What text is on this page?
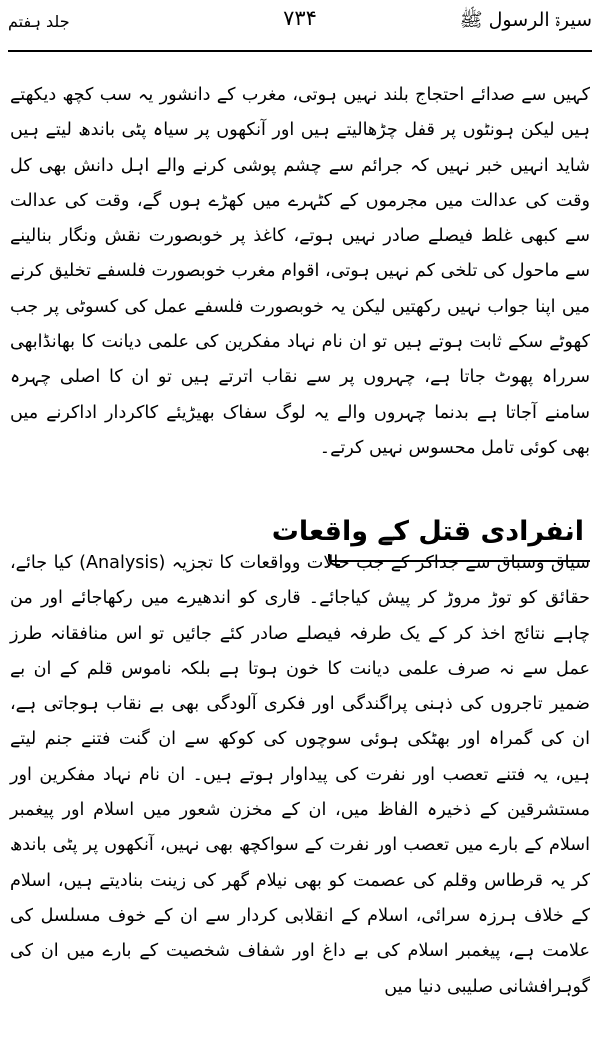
سیرۃ الرسول ﷺ
۷۳۴
جلد ہفتم

کہیں سے صدائے احتجاج بلند نہیں ہوتی، مغرب کے دانشور یہ سب کچھ دیکھتے ہیں لیکن ہونٹوں پر قفل چڑھالیتے ہیں اور آنکھوں پر سیاہ پٹی باندھ لیتے ہیں شاید انہیں خبر نہیں کہ جرائم سے چشم پوشی کرنے والے اہل دانش بھی کل وقت کی عدالت میں مجرموں کے کٹہرے میں کھڑے ہوں گے، وقت کی عدالت سے کبھی غلط فیصلے صادر نہیں ہوتے، کاغذ پر خوبصورت نقش ونگار بنالینے سے ماحول کی تلخی کم نہیں ہوتی، اقوام مغرب خوبصورت فلسفے تخلیق کرنے میں اپنا جواب نہیں رکھتیں لیکن یہ خوبصورت فلسفے عمل کی کسوٹی پر جب کھوٹے سکے ثابت ہوتے ہیں تو ان نام نہاد مفکرین کی علمی دیانت کا بھانڈابھی سرراہ پھوٹ جاتا ہے، چہروں پر سے نقاب اترتے ہیں تو ان کا اصلی چہرہ سامنے آجاتا ہے بدنما چہروں والے یہ لوگ سفاک بھیڑیئے کاکردار اداکرنے میں بھی کوئی تامل محسوس نہیں کرتے۔

انفرادی قتل کے واقعات

سیاق وسباق سے جداکر کے جب حالات وواقعات کا تجزیہ (Analysis) کیا جائے، حقائق کو توڑ مروڑ کر پیش کیاجائے۔ قاری کو اندھیرے میں رکھاجائے اور من چاہے نتائج اخذ کر کے یک طرفہ فیصلے صادر کئے جائیں تو اس منافقانہ طرز عمل سے نہ صرف علمی دیانت کا خون ہوتا ہے بلکہ ناموس قلم کے ان بے ضمیر تاجروں کی ذہنی پراگندگی اور فکری آلودگی بھی بے نقاب ہوجاتی ہے، ان کی گمراہ اور بھٹکی ہوئی سوچوں کی کوکھ سے ان گنت فتنے جنم لیتے ہیں، یہ فتنے تعصب اور نفرت کی پیداوار ہوتے ہیں۔ ان نام نہاد مفکرین اور مستشرقین کے ذخیرہ الفاظ میں، ان کے مخزن شعور میں اسلام اور پیغمبر اسلام کے بارے میں تعصب اور نفرت کے سواکچھ بھی نہیں، آنکھوں پر پٹی باندھ کر یہ قرطاس وقلم کی عصمت کو بھی نیلام گھر کی زینت بنادیتے ہیں، اسلام کے خلاف ہرزہ سرائی، اسلام کے انقلابی کردار سے ان کے خوف مسلسل کی علامت ہے، پیغمبر اسلام کی بے داغ اور شفاف شخصیت کے بارے میں ان کی گوہرافشانی صلیبی دنیا میں
